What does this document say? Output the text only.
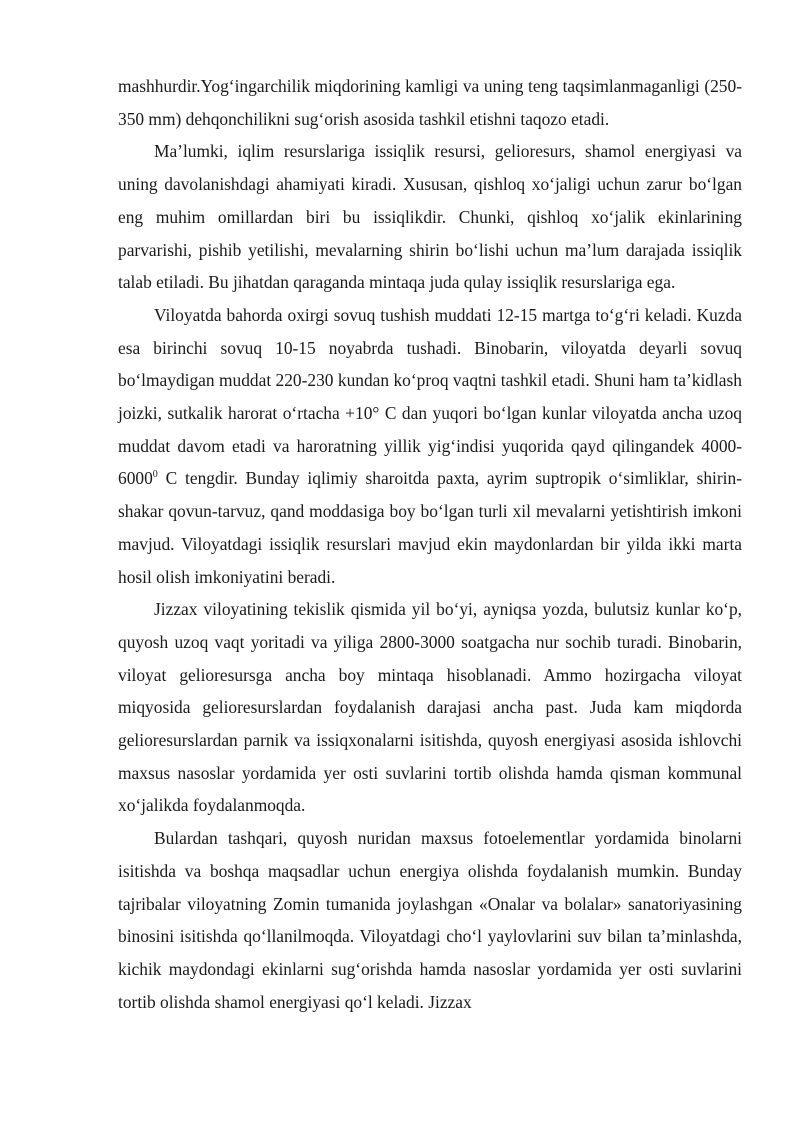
mashhurdir.Yog‘ingarchilik miqdorining kamligi va uning teng taqsimlanmaganligi (250-350 mm) dehqonchilikni sug‘orish asosida tashkil etishni taqozo etadi.

Ma’lumki, iqlim resurslariga issiqlik resursi, gelioresurs, shamol energiyasi va uning davolanishdagi ahamiyati kiradi. Xususan, qishloq xo‘jaligi uchun zarur bo‘lgan eng muhim omillardan biri bu issiqlikdir. Chunki, qishloq xo‘jalik ekinlarining parvarishi, pishib yetilishi, mevalarning shirin bo‘lishi uchun ma’lum darajada issiqlik talab etiladi. Bu jihatdan qaraganda mintaqa juda qulay issiqlik resurslariga ega.

Viloyatda bahorda oxirgi sovuq tushish muddati 12-15 martga to‘g‘ri keladi. Kuzda esa birinchi sovuq 10-15 noyabrda tushadi. Binobarin, viloyatda deyarli sovuq bo‘lmaydigan muddat 220-230 kundan ko‘proq vaqtni tashkil etadi. Shuni ham ta’kidlash joizki, sutkalik harorat o‘rtacha +10° C dan yuqori bo‘lgan kunlar viloyatda ancha uzoq muddat davom etadi va haroratning yillik yig‘indisi yuqorida qayd qilingandek 4000-6000$^0$ C tengdir. Bunday iqlimiy sharoitda paxta, ayrim suptropik o‘simliklar, shirin-shakar qovun-tarvuz, qand moddasiga boy bo‘lgan turli xil mevalarni yetishtirish imkoni mavjud. Viloyatdagi issiqlik resurslari mavjud ekin maydonlardan bir yilda ikki marta hosil olish imkoniyatini beradi.

Jizzax viloyatining tekislik qismida yil bo‘yi, ayniqsa yozda, bulutsiz kunlar ko‘p, quyosh uzoq vaqt yoritadi va yiliga 2800-3000 soatgacha nur sochib turadi. Binobarin, viloyat gelioresursga ancha boy mintaqa hisoblanadi. Ammo hozirgacha viloyat miqyosida gelioresurslardan foydalanish darajasi ancha past. Juda kam miqdorda gelioresurslardan parnik va issiqxonalarni isitishda, quyosh energiyasi asosida ishlovchi maxsus nasoslar yordamida yer osti suvlarini tortib olishda hamda qisman kommunal xo‘jalikda foydalanmoqda.

Bulardan tashqari, quyosh nuridan maxsus fotoelementlar yordamida binolarni isitishda va boshqa maqsadlar uchun energiya olishda foydalanish mumkin. Bunday tajribalar viloyatning Zomin tumanida joylashgan «Onalar va bolalar» sanatoriyasining binosini isitishda qo‘llanilmoqda. Viloyatdagi cho‘l yaylovlarini suv bilan ta’minlashda, kichik maydondagi ekinlarni sug‘orishda hamda nasoslar yordamida yer osti suvlarini tortib olishda shamol energiyasi qo‘l keladi. Jizzax
